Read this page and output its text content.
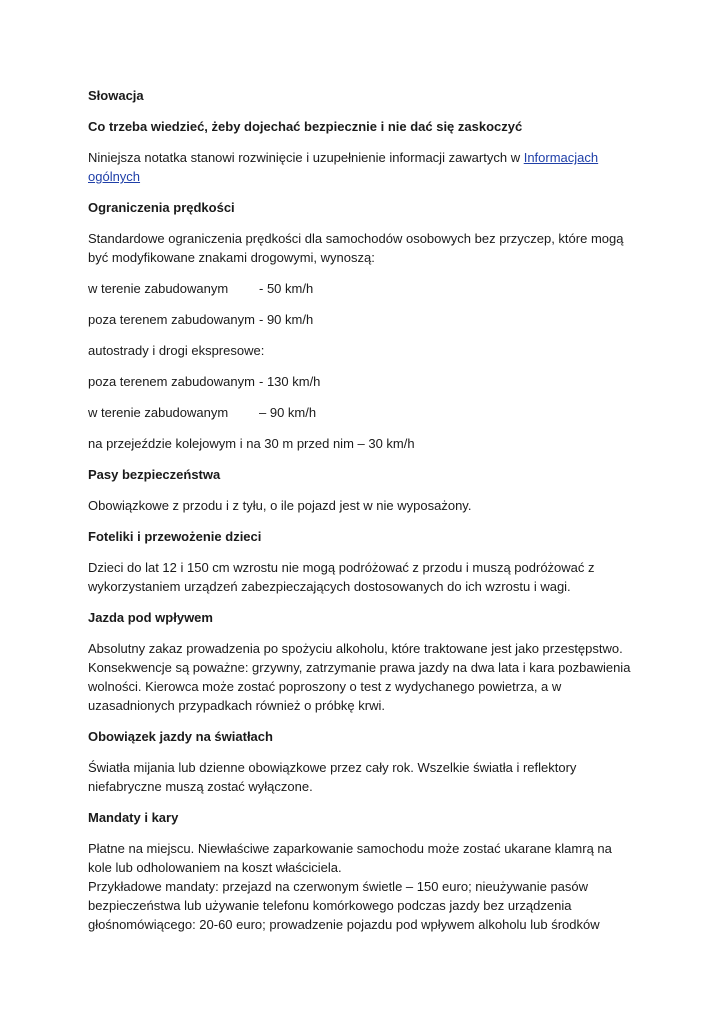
Słowacja

Co trzeba wiedzieć, żeby dojechać bezpiecznie i nie dać się zaskoczyć

Niniejsza notatka stanowi rozwinięcie i uzupełnienie informacji zawartych w Informacjach ogólnych

Ograniczenia prędkości

Standardowe ograniczenia prędkości dla samochodów osobowych bez przyczep, które mogą być modyfikowane znakami drogowymi, wynoszą:

w terenie zabudowanym	- 50 km/h
poza terenem zabudowanym - 90 km/h

autostrady i drogi ekspresowe:

poza terenem zabudowanym - 130 km/h
w terenie zabudowanym	– 90 km/h

na przejeździe kolejowym i na 30 m przed nim – 30 km/h

Pasy bezpieczeństwa

Obowiązkowe z przodu i z tyłu, o ile pojazd jest w nie wyposażony.

Foteliki i przewożenie dzieci

Dzieci do lat 12 i 150 cm wzrostu nie mogą podróżować z przodu i muszą podróżować z wykorzystaniem urządzeń zabezpieczających dostosowanych do ich wzrostu i wagi.

Jazda pod wpływem

Absolutny zakaz prowadzenia po spożyciu alkoholu, które traktowane jest jako przestępstwo. Konsekwencje są poważne: grzywny, zatrzymanie prawa jazdy na dwa lata i kara pozbawienia wolności. Kierowca może zostać poproszony o test z wydychanego powietrza, a w uzasadnionych przypadkach również o próbkę krwi.

Obowiązek jazdy na światłach

Światła mijania lub dzienne obowiązkowe przez cały rok. Wszelkie światła i reflektory niefabryczne muszą zostać wyłączone.

Mandaty i kary

Płatne na miejscu. Niewłaściwe zaparkowanie samochodu może zostać ukarane klamrą na kole lub odholowaniem na koszt właściciela.

Przykładowe mandaty: przejazd na czerwonym świetle – 150 euro; nieużywanie pasów bezpieczeństwa lub używanie telefonu komórkowego podczas jazdy bez urządzenia głośnomówiącego: 20-60 euro; prowadzenie pojazdu pod wpływem alkoholu lub środków
